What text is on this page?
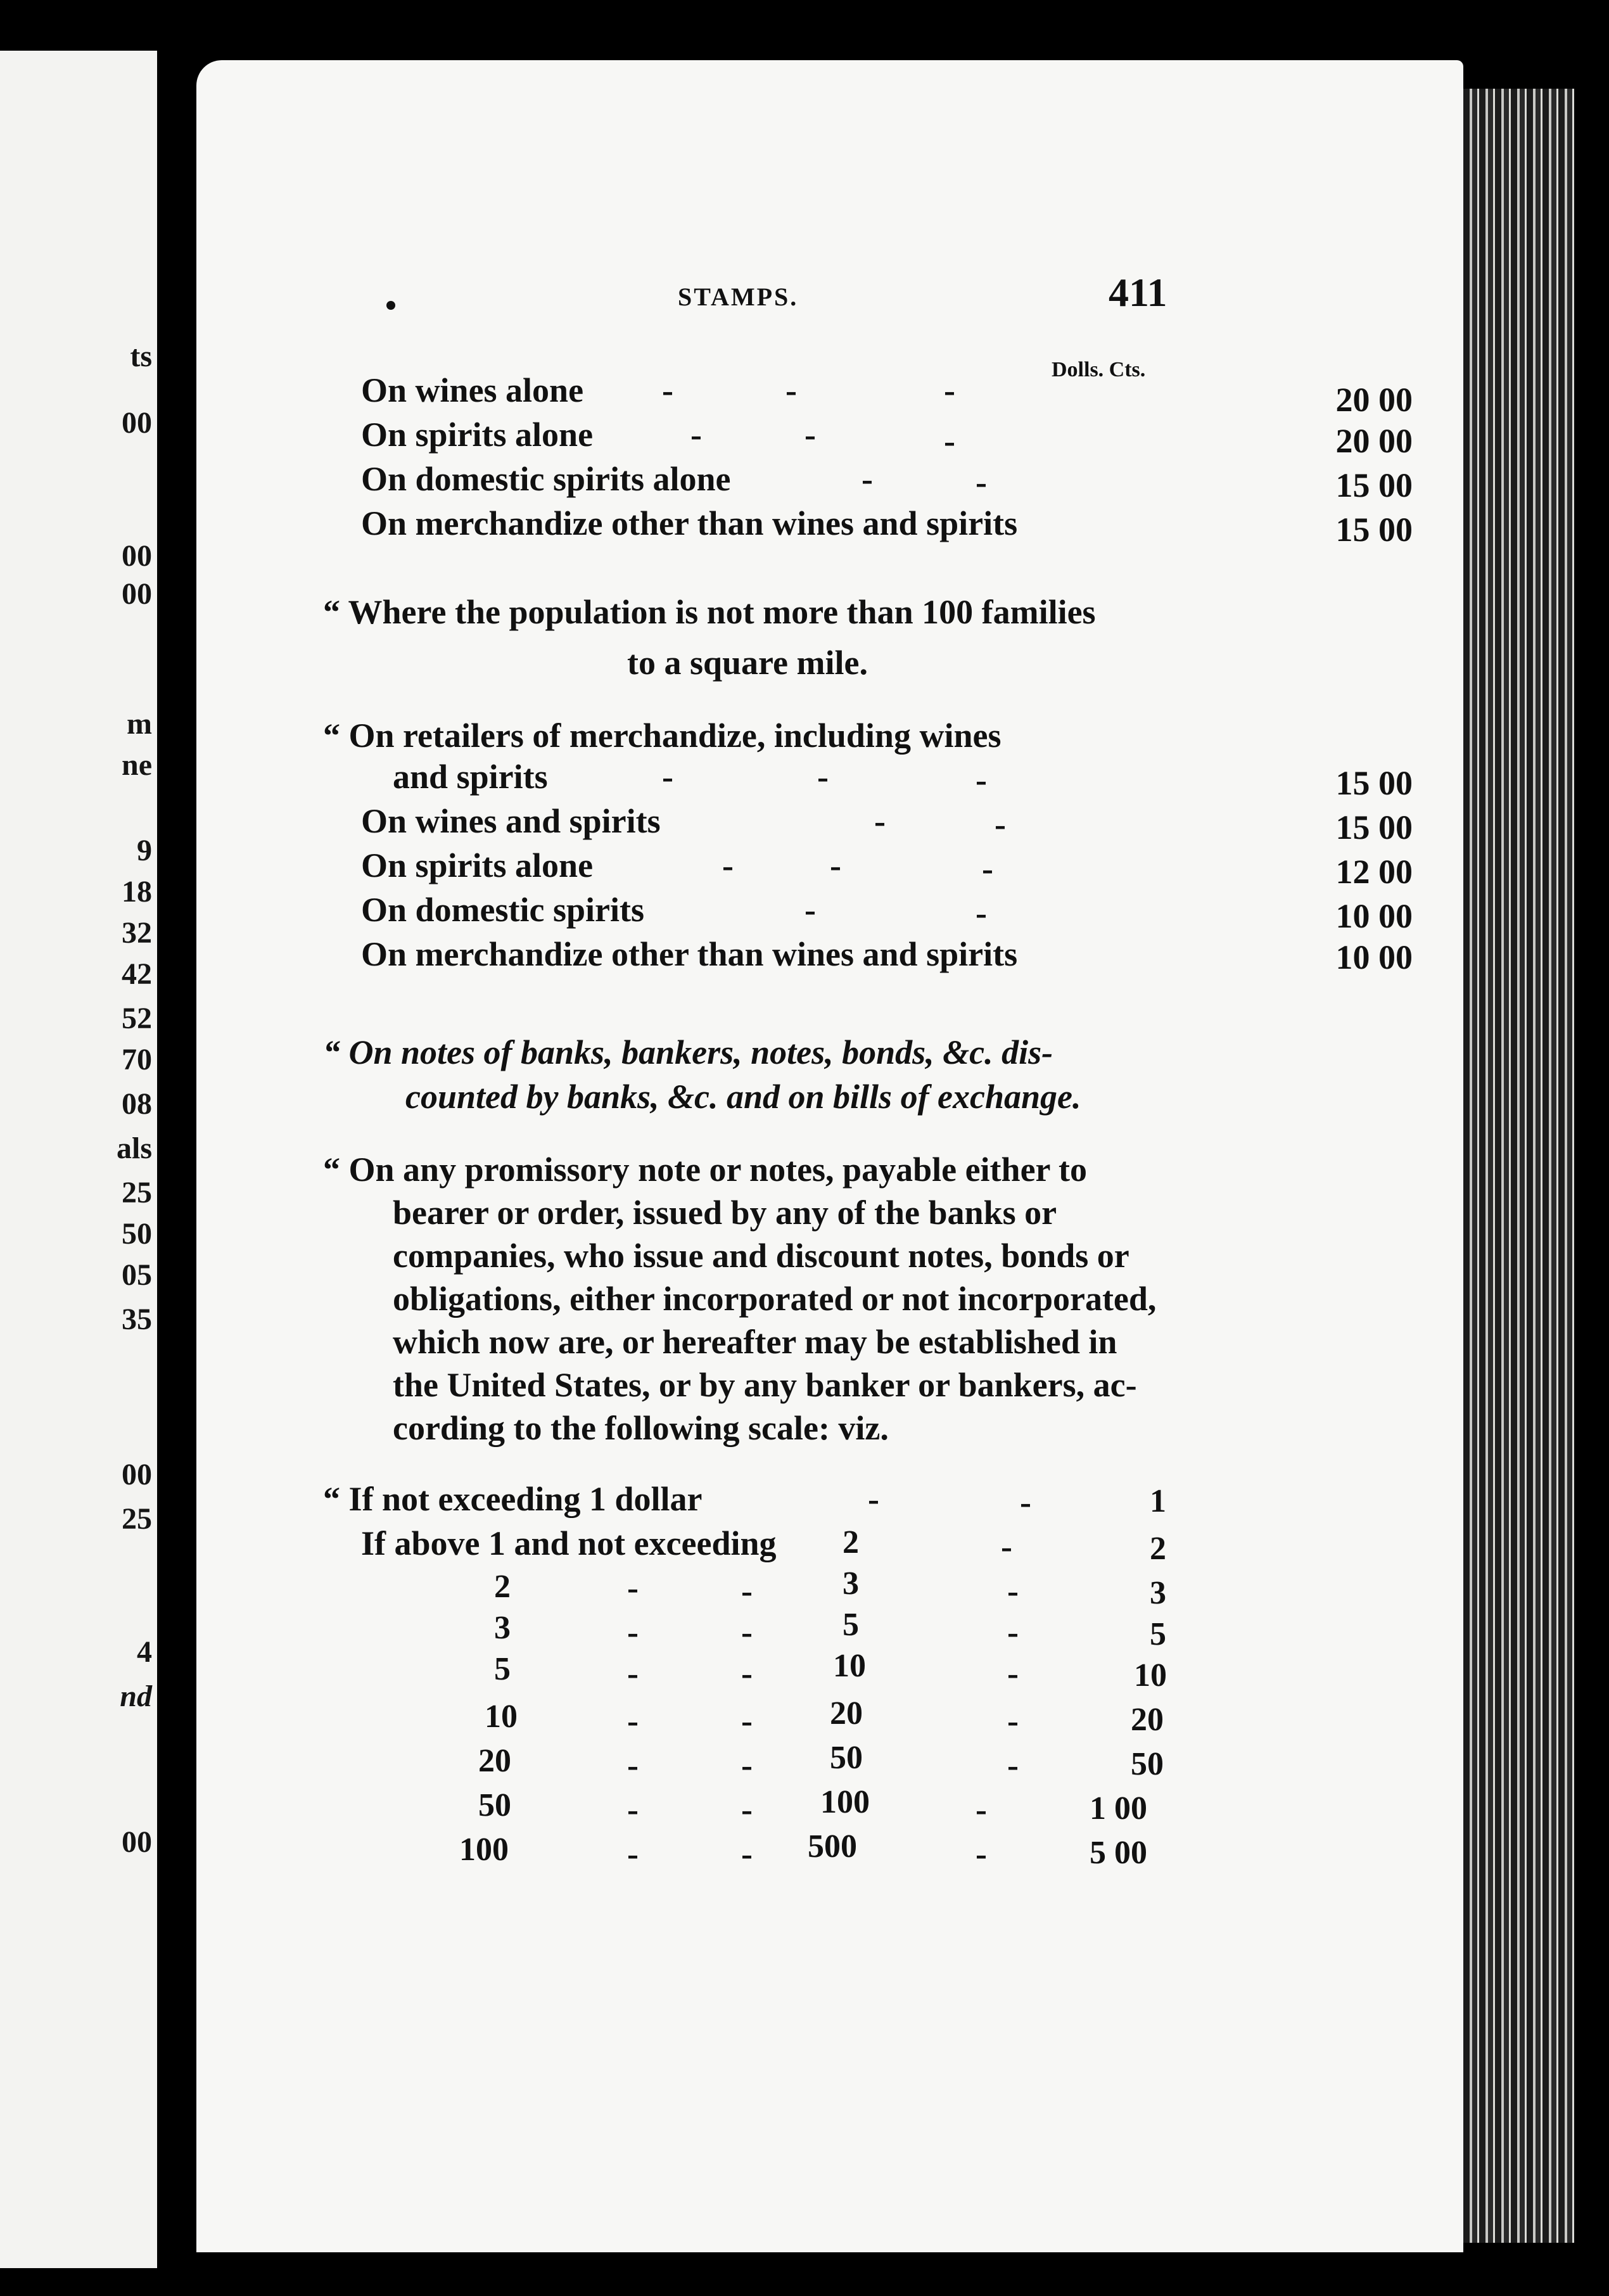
ts
00
00
00
m
ne
9
18
32
42
52
70
08
als
25
50
05
35
00
25
4
nd
00
STAMPS.	411
Dolls. Cts.
On wines alone	20 00
-	-	-
On spirits alone	20 00
-	-	-
On domestic spirits alone	15 00
-	-
On merchandize other than wines and spirits	15 00
“ Where the population is not more than 100 families
to a square mile.
“ On retailers of merchandize, including wines
and spirits	15 00
-	-	-
On wines and spirits	15 00
-	-
On spirits alone	12 00
-	-	-
On domestic spirits	10 00
-	-
On merchandize other than wines and spirits	10 00
“ On notes of banks, bankers, notes, bonds, &c. dis-
counted by banks, &c. and on bills of exchange.
“ On any promissory note or notes, payable either to
bearer or order, issued by any of the banks or
companies, who issue and discount notes, bonds or
obligations, either incorporated or not incorporated,
which now are, or hereafter may be established in
the United States, or by any banker or bankers, ac-
cording to the following scale: viz.
“ If not exceeding 1 dollar	-	-	1
If above 1 and not exceeding 2	-	2
2	-	-	3	-	3
3	-	-	5	-	5
5	-	- 10	-	10
10	-	- 20	-	20
20	-	- 50	-	50
50	-	- 100	-	1 00
100	-	- 500	-	5 00
